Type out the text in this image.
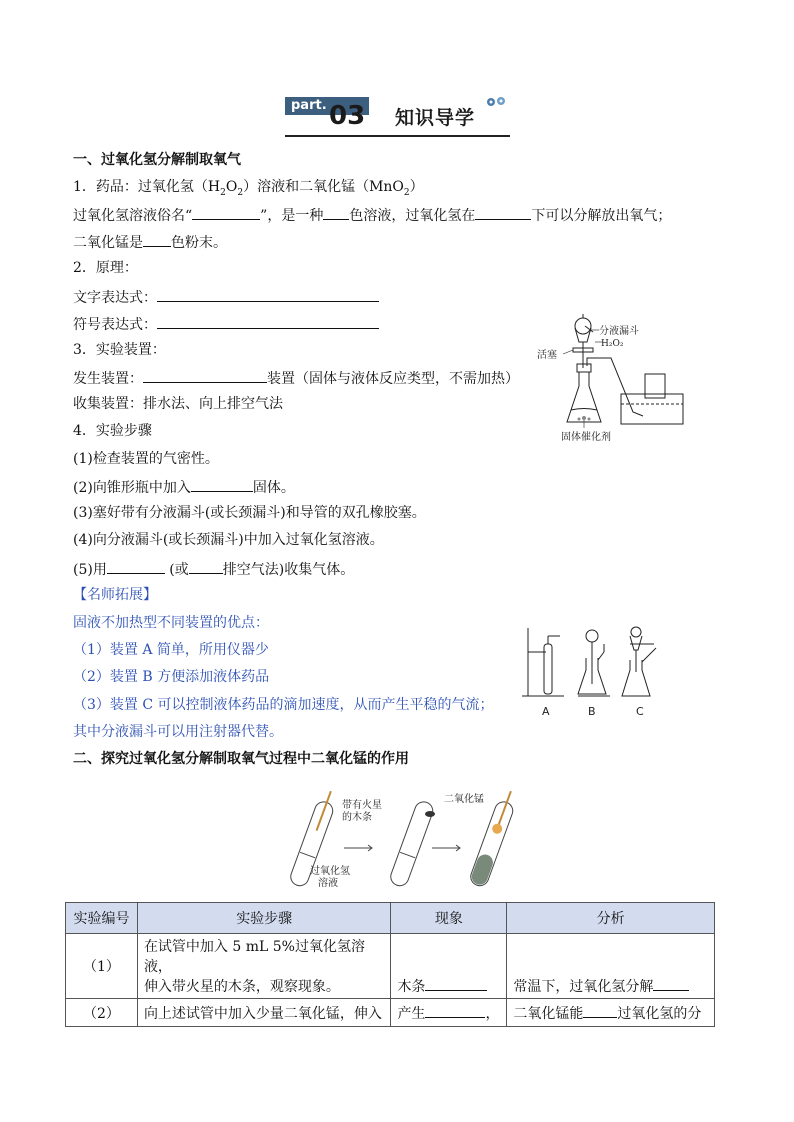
part. 03 知识导学
一、过氧化氢分解制取氧气
1．药品：过氧化氢$(H_2O_2)$溶液和二氧化锰（MnO$_2$）
过氧化氢溶液俗名“	”，是一种 色溶液，过氧化氢在	下可以分解放出氧气；
二氧化锰是 色粉末。
2．原理：
文字表达式：
符号表达式：
3．实验装置：
发生装置：	装置（固体与液体反应类型，不需加热）
收集装置：排水法、向上排空气法
4．实验步骤
(1)检查装置的气密性。
(2)向锥形瓶中加入	固体。
(3)塞好带有分液漏斗(或长颈漏斗)和导管的双孔橡胶塞。
(4)向分液漏斗(或长颈漏斗)中加入过氧化氢溶液。
(5)用	(或 排空气法)收集气体。
分液漏斗
H₂O₂
活塞
固体催化剂
【名师拓展】
固液不加热型不同装置的优点：
（1）装置 A 简单，所用仪器少
（2）装置 B 方便添加液体药品
（3）装置 C 可以控制液体药品的滴加速度，从而产生平稳的气流；
其中分液漏斗可以用注射器代替。
A	B	C
二、探究过氧化氢分解制取氧气过程中二氧化锰的作用
带有火星
的木条
二氧化锰
过氧化氢
溶液
实验编号	实验步骤	现象	分析
（1）	在试管中加入 5 mL 5%过氧化氢溶液，
伸入带火星的木条，观察现象。	木条	常温下，过氧化氢分解
（2）	向上述试管中加入少量二氧化锰，伸入	产生 ，	二氧化锰能 过氧化氢的分
